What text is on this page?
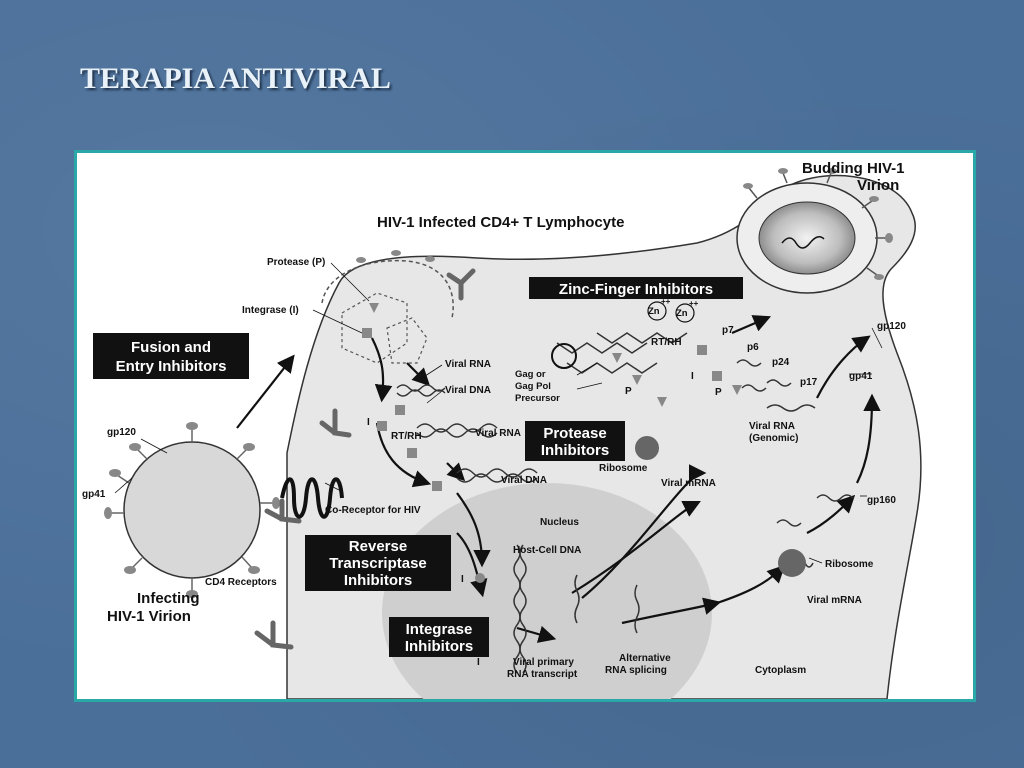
TERAPIA ANTIVIRAL
HIV-1 Infected CD4+ T Lymphocyte
Budding HIV-1
Virion
Infecting
HIV-1 Virion
Fusion and
Entry Inhibitors
Zinc-Finger Inhibitors
Protease
Inhibitors
Reverse
Transcriptase
Inhibitors
Integrase
Inhibitors
Protease (P)
Integrase (I)
gp120
gp41
CD4 Receptors
Co-Receptor for HIV
Viral RNA
Viral DNA
I
RT/RH	Viral RNA
Viral DNA
Gag or
Gag Pol
Precursor
P
RT/RH
I
P
Zn
++
Zn
++
p7
p6
p24
p17
Viral RNA
(Genomic)
Ribosome
Viral mRNA
Nucleus
Host-Cell DNA
I
I	Viral primary
RNA transcript
Alternative
RNA splicing	Cytoplasm
Ribosome
Viral mRNA
gp120
gp41
gp160
